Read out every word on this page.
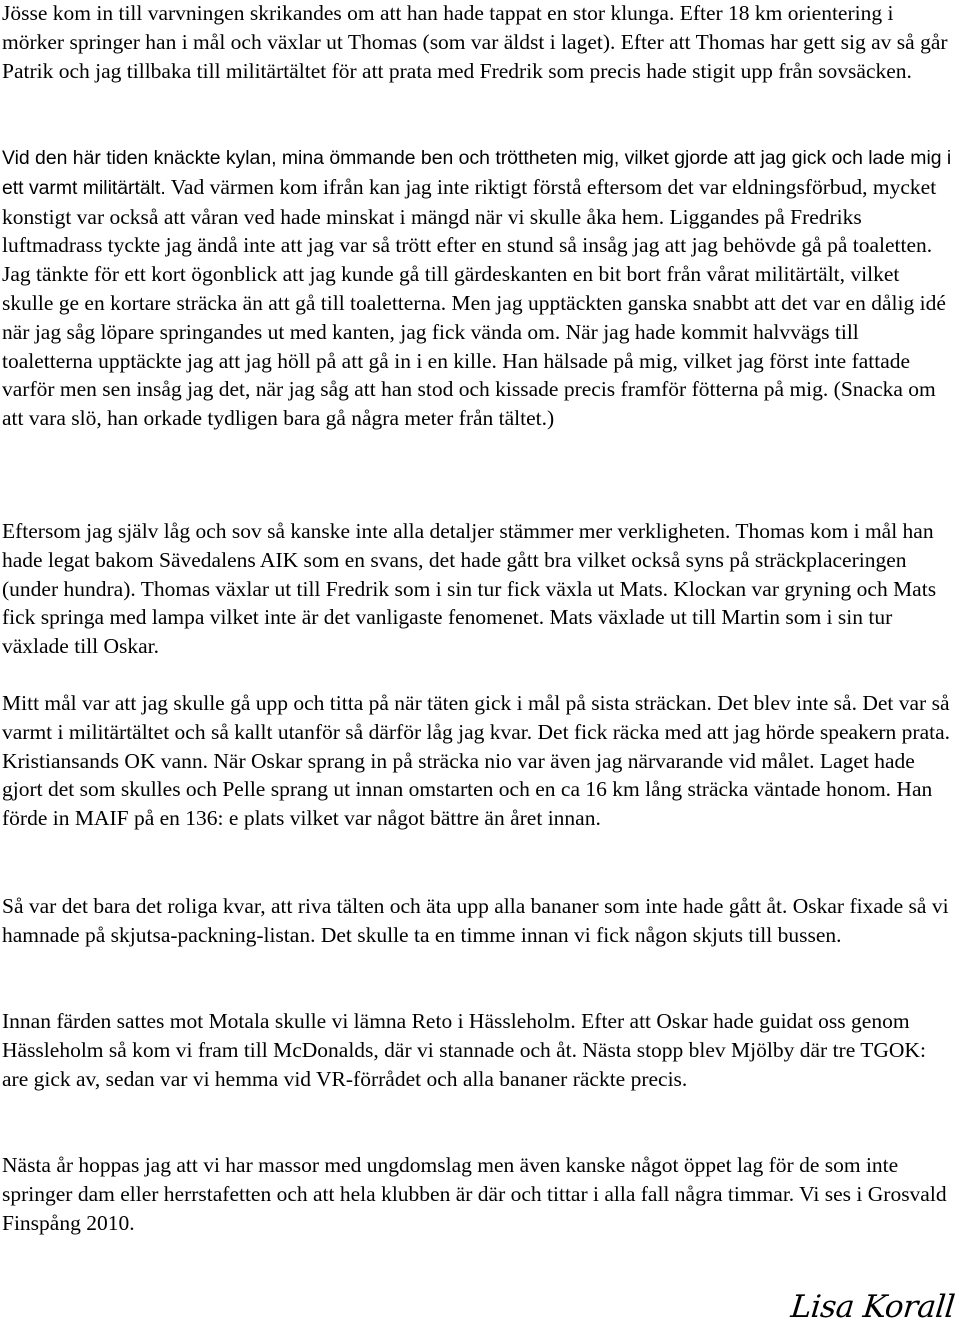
Jösse kom in till varvningen skrikandes om att han hade tappat en stor klunga. Efter 18 km orientering i mörker springer han i mål och växlar ut Thomas (som var äldst i laget). Efter att Thomas har gett sig av så går Patrik och jag tillbaka till militärtältet för att prata med Fredrik som precis hade stigit upp från sovsäcken.

Vid den här tiden knäckte kylan, mina ömmande ben och tröttheten mig, vilket gjorde att jag gick och lade mig i ett varmt militärtält. Vad värmen kom ifrån kan jag inte riktigt förstå eftersom det var eldningsförbud, mycket konstigt var också att våran ved hade minskat i mängd när vi skulle åka hem. Liggandes på Fredriks luftmadrass tyckte jag ändå inte att jag var så trött efter en stund så insåg jag att jag behövde gå på toaletten. Jag tänkte för ett kort ögonblick att jag kunde gå till gärdeskanten en bit bort från vårat militärtält, vilket skulle ge en kortare sträcka än att gå till toaletterna. Men jag upptäckten ganska snabbt att det var en dålig idé när jag såg löpare springandes ut med kanten, jag fick vända om. När jag hade kommit halvvägs till toaletterna upptäckte jag att jag höll på att gå in i en kille. Han hälsade på mig, vilket jag först inte fattade varför men sen insåg jag det, när jag såg att han stod och kissade precis framför fötterna på mig. (Snacka om att vara slö, han orkade tydligen bara gå några meter från tältet.)

Eftersom jag själv låg och sov så kanske inte alla detaljer stämmer mer verkligheten. Thomas kom i mål han hade legat bakom Sävedalens AIK som en svans, det hade gått bra vilket också syns på sträckplaceringen (under hundra). Thomas växlar ut till Fredrik som i sin tur fick växla ut Mats. Klockan var gryning och Mats fick springa med lampa vilket inte är det vanligaste fenomenet. Mats växlade ut till Martin som i sin tur växlade till Oskar.

Mitt mål var att jag skulle gå upp och titta på när täten gick i mål på sista sträckan. Det blev inte så. Det var så varmt i militärtältet och så kallt utanför så därför låg jag kvar. Det fick räcka med att jag hörde speakern prata. Kristiansands OK vann. När Oskar sprang in på sträcka nio var även jag närvarande vid målet. Laget hade gjort det som skulles och Pelle sprang ut innan omstarten och en ca 16 km lång sträcka väntade honom. Han förde in MAIF på en 136: e plats vilket var något bättre än året innan.

Så var det bara det roliga kvar, att riva tälten och äta upp alla bananer som inte hade gått åt. Oskar fixade så vi hamnade på skjutsa-packning-listan. Det skulle ta en timme innan vi fick någon skjuts till bussen.

Innan färden sattes mot Motala skulle vi lämna Reto i Hässleholm. Efter att Oskar hade guidat oss genom Hässleholm så kom vi fram till McDonalds, där vi stannade och åt. Nästa stopp blev Mjölby där tre TGOK: are gick av, sedan var vi hemma vid VR-förrådet och alla bananer räckte precis.

Nästa år hoppas jag att vi har massor med ungdomslag men även kanske något öppet lag för de som inte springer dam eller herrstafetten och att hela klubben är där och tittar i alla fall några timmar. Vi ses i Grosvald Finspång 2010.

Lisa Korall
